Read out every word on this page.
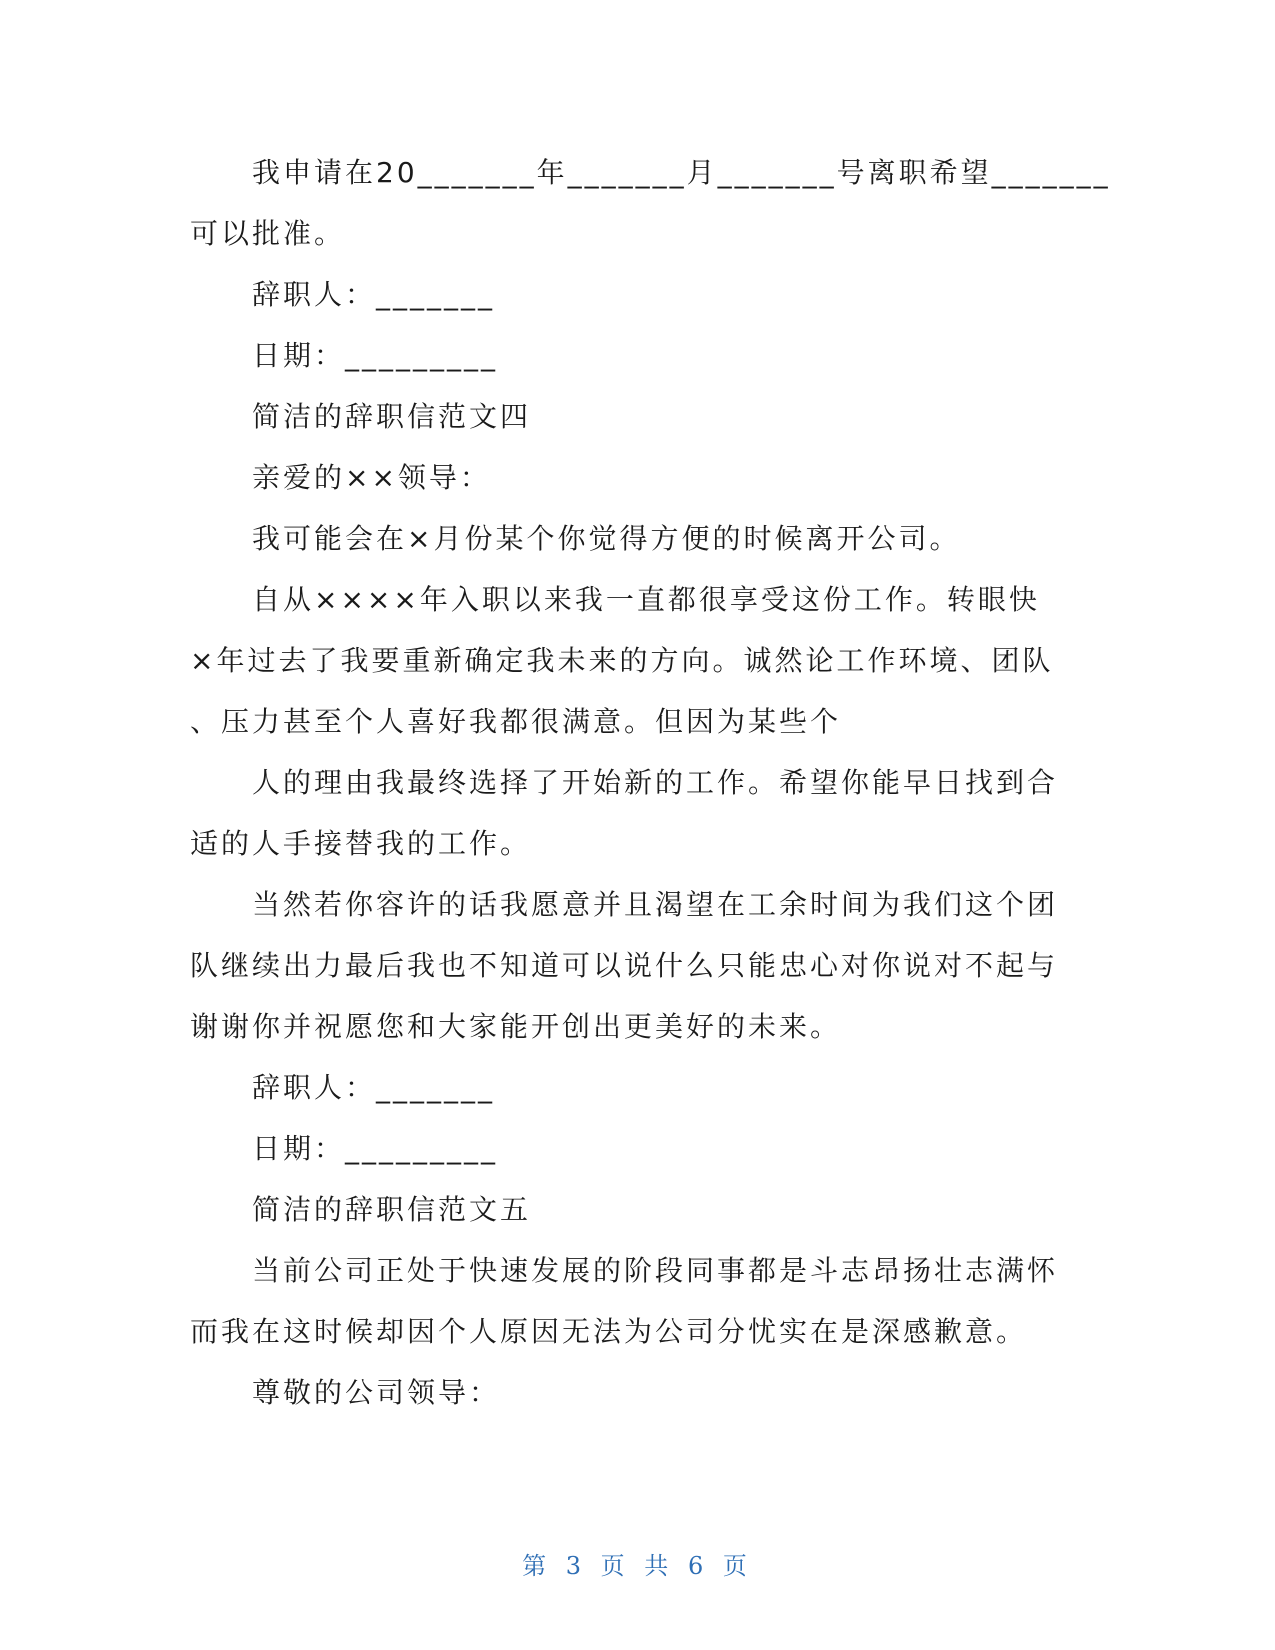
我申请在20_______年_______月_______号离职希望_______
可以批准。
辞职人：_______
日期：_________
简洁的辞职信范文四
亲爱的××领导：
我可能会在×月份某个你觉得方便的时候离开公司。
自从××××年入职以来我一直都很享受这份工作。转眼快
×年过去了我要重新确定我未来的方向。诚然论工作环境、团队
、压力甚至个人喜好我都很满意。但因为某些个
人的理由我最终选择了开始新的工作。希望你能早日找到合
适的人手接替我的工作。
当然若你容许的话我愿意并且渴望在工余时间为我们这个团
队继续出力最后我也不知道可以说什么只能忠心对你说对不起与
谢谢你并祝愿您和大家能开创出更美好的未来。
辞职人：_______
日期：_________
简洁的辞职信范文五
当前公司正处于快速发展的阶段同事都是斗志昂扬壮志满怀
而我在这时候却因个人原因无法为公司分忧实在是深感歉意。
尊敬的公司领导：
第 3 页 共 6 页
